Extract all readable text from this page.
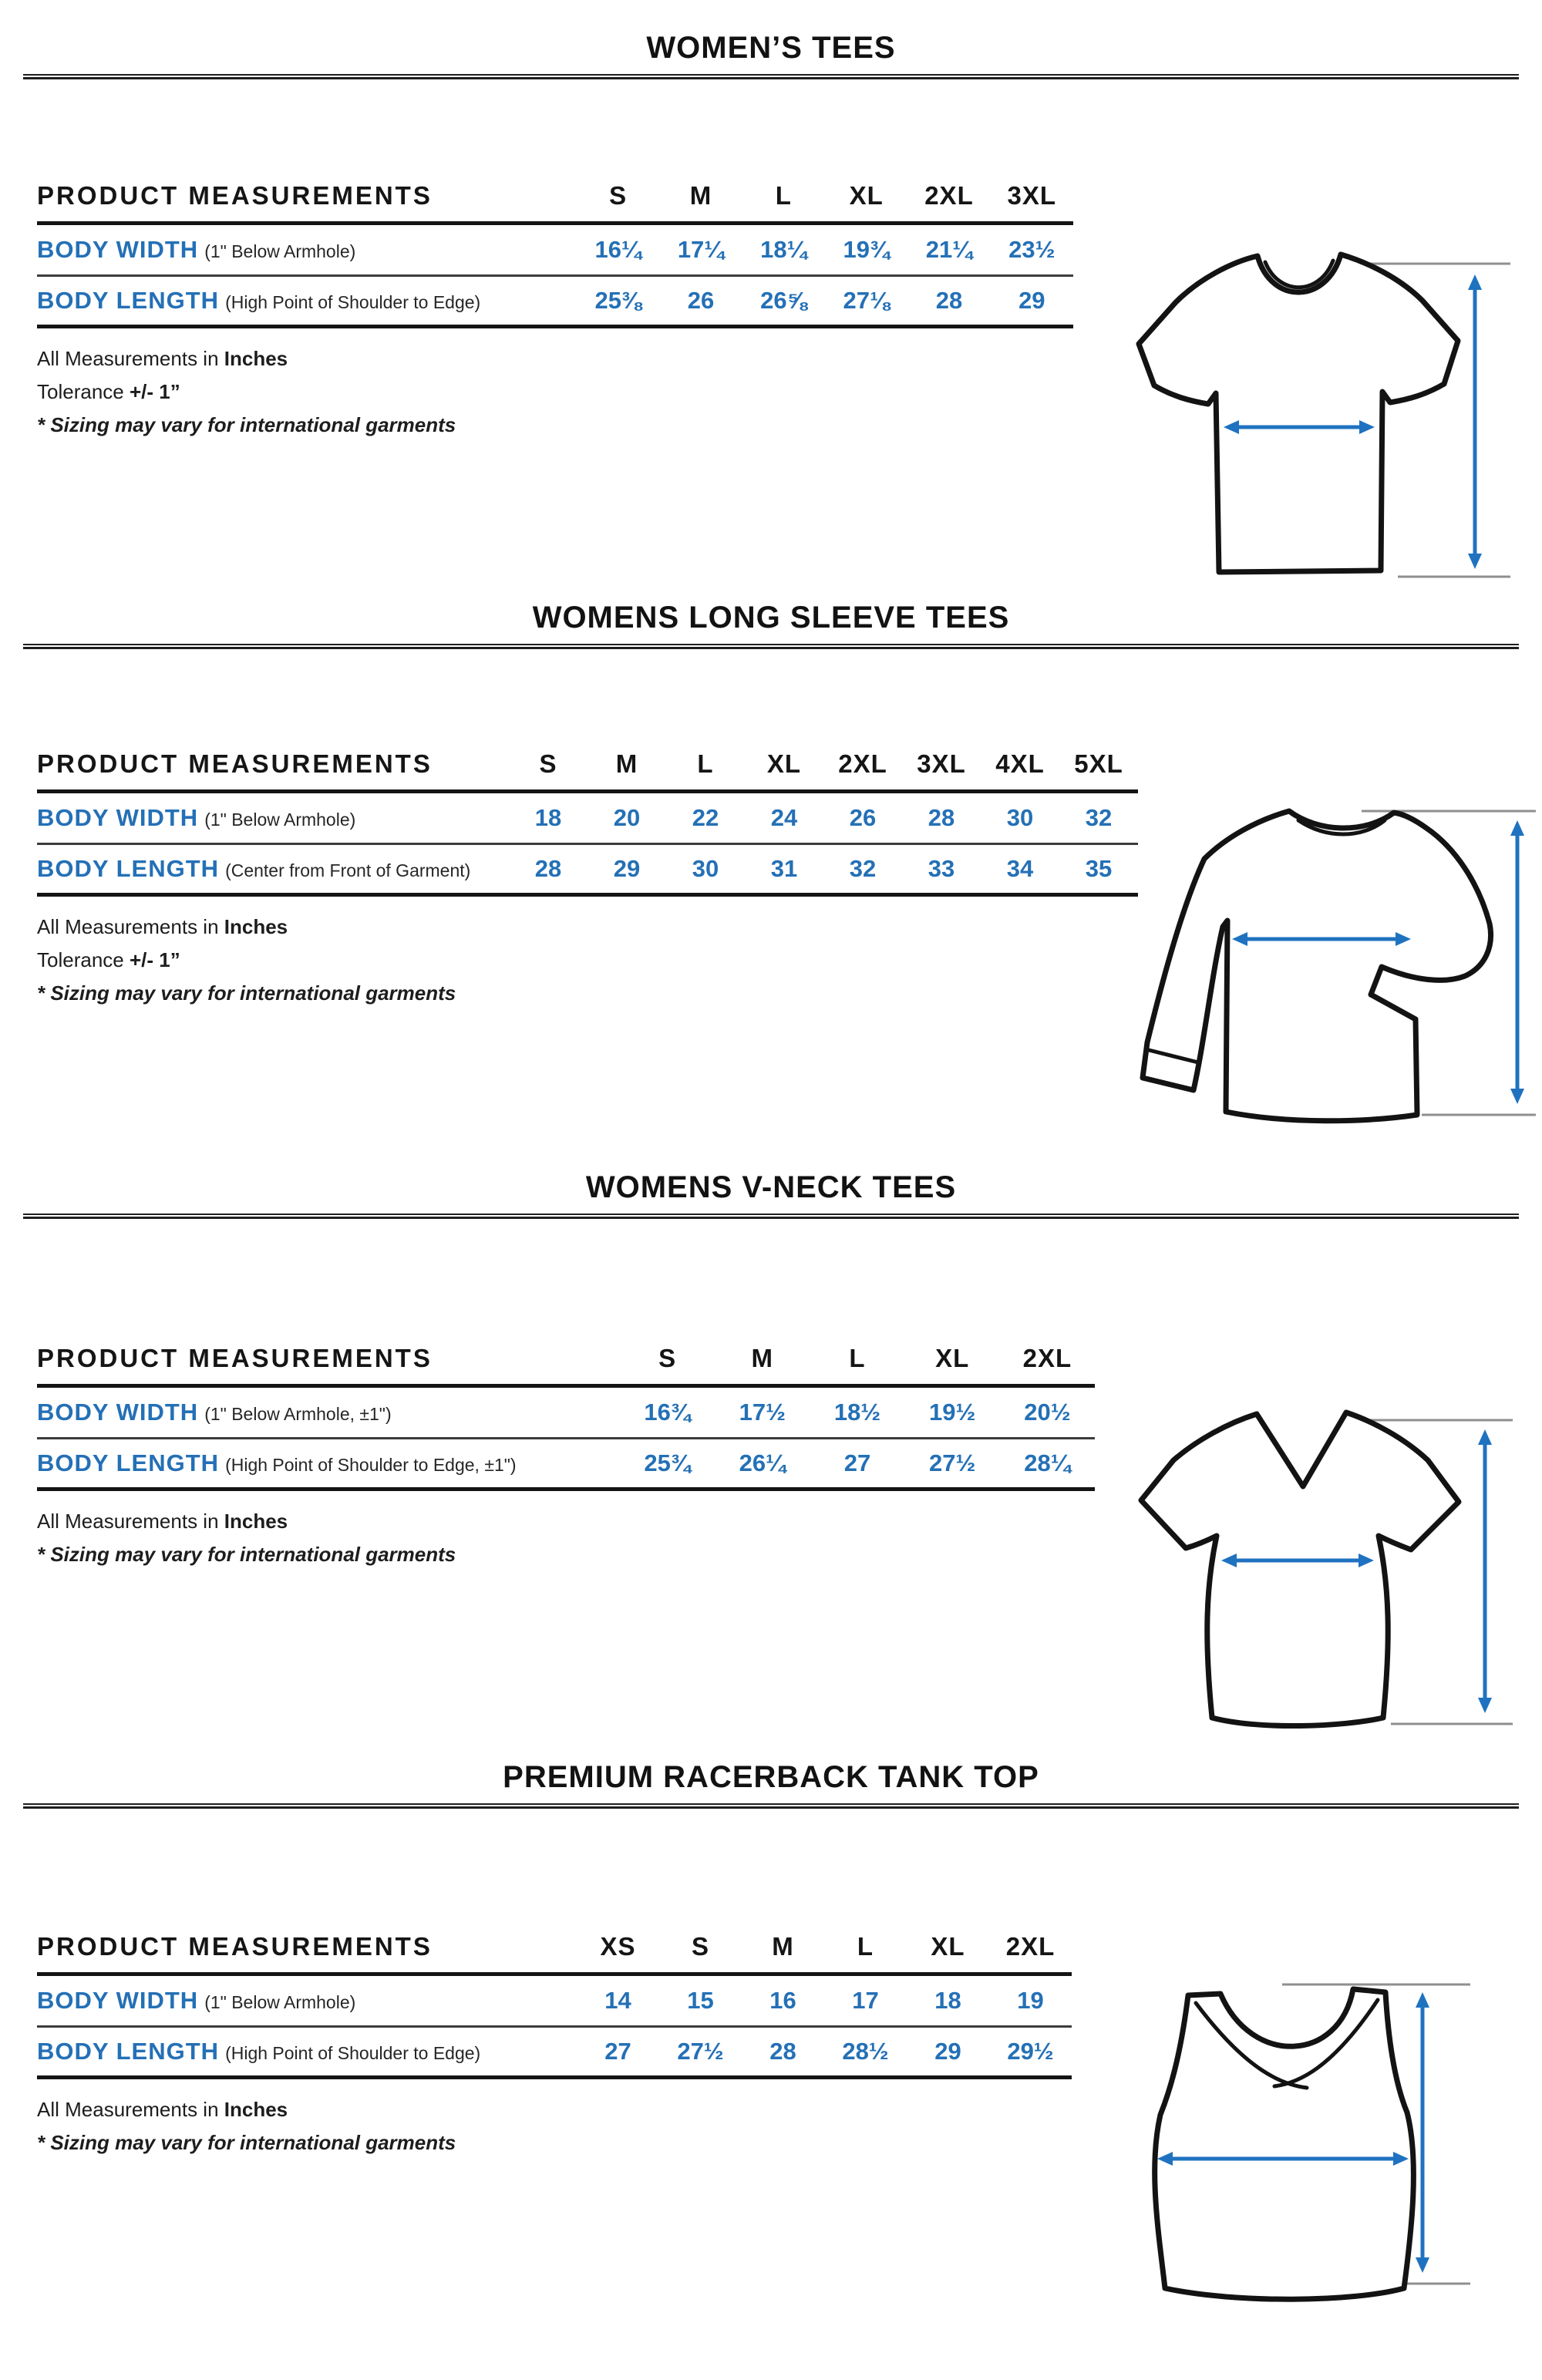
WOMEN’S TEES
PRODUCT MEASUREMENTS	S	M	L	XL	2XL	3XL
BODY WIDTH (1" Below Armhole)	16¼	17¼	18¼	19¾	21¼	23½
BODY LENGTH (High Point of Shoulder to Edge)	25⅜	26	26⅝	27⅛	28	29
All Measurements in Inches
Tolerance +/- 1”
* Sizing may vary for international garments
WOMENS LONG SLEEVE TEES
PRODUCT MEASUREMENTS	S	M	L	XL	2XL	3XL	4XL	5XL
BODY WIDTH (1" Below Armhole)	18	20	22	24	26	28	30	32
BODY LENGTH (Center from Front of Garment)	28	29	30	31	32	33	34	35
All Measurements in Inches
Tolerance +/- 1”
* Sizing may vary for international garments
WOMENS V-NECK TEES
PRODUCT MEASUREMENTS	S	M	L	XL	2XL
BODY WIDTH (1" Below Armhole, ±1")	16¾	17½	18½	19½	20½
BODY LENGTH (High Point of Shoulder to Edge, ±1")	25¾	26¼	27	27½	28¼
All Measurements in Inches
* Sizing may vary for international garments
PREMIUM RACERBACK TANK TOP
PRODUCT MEASUREMENTS	XS	S	M	L	XL	2XL
BODY WIDTH (1" Below Armhole)	14	15	16	17	18	19
BODY LENGTH (High Point of Shoulder to Edge)	27	27½	28	28½	29	29½
All Measurements in Inches
* Sizing may vary for international garments
